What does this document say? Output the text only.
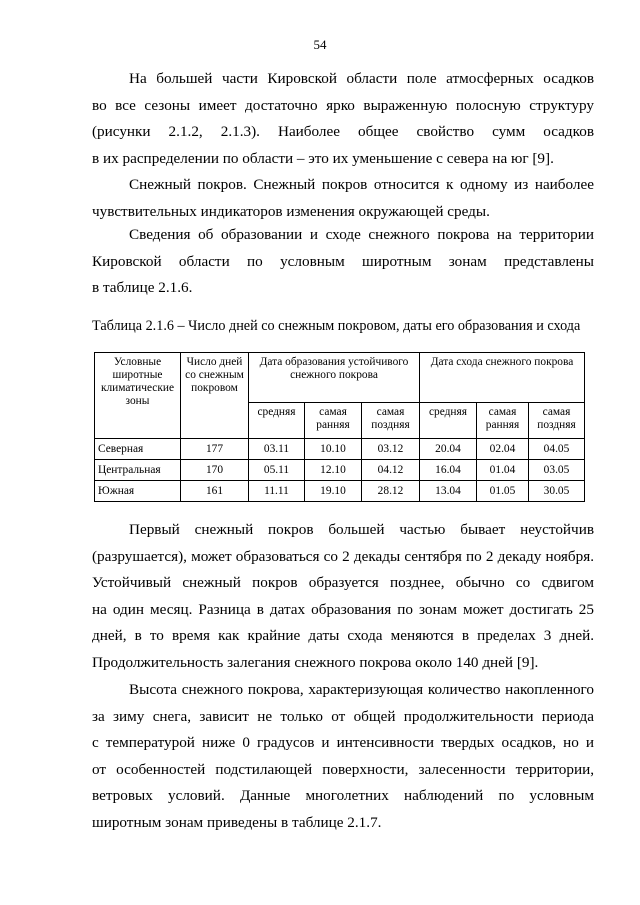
54
На большей части Кировской области поле атмосферных осадков
во все сезоны имеет достаточно ярко выраженную полосную структуру
(рисунки 2.1.2, 2.1.3). Наиболее общее свойство сумм осадков
в их распределении по области – это их уменьшение с севера на юг [9].
Снежный покров. Снежный покров относится к одному из наиболее
чувствительных индикаторов изменения окружающей среды.
Сведения об образовании и сходе снежного покрова на территории
Кировской области по условным широтным зонам представлены
в таблице 2.1.6.
Таблица 2.1.6 – Число дней со снежным покровом, даты его образования и схода
Условные широтные климатические зоны	Число дней со снежным покровом	Дата образования устойчивого снежного покрова			Дата схода снежного покрова		
		средняя	самая ранняя	самая поздняя	средняя	самая ранняя	самая поздняя
Северная	177	03.11	10.10	03.12	20.04	02.04	04.05
Центральная	170	05.11	12.10	04.12	16.04	01.04	03.05
Южная	161	11.11	19.10	28.12	13.04	01.05	30.05
Первый снежный покров большей частью бывает неустойчив
(разрушается), может образоваться со 2 декады сентября по 2 декаду ноября.
Устойчивый снежный покров образуется позднее, обычно со сдвигом
на один месяц. Разница в датах образования по зонам может достигать 25
дней, в то время как крайние даты схода меняются в пределах 3 дней.
Продолжительность залегания снежного покрова около 140 дней [9].
Высота снежного покрова, характеризующая количество накопленного
за зиму снега, зависит не только от общей продолжительности периода
с температурой ниже 0 градусов и интенсивности твердых осадков, но и
от особенностей подстилающей поверхности, залесенности территории,
ветровых условий. Данные многолетних наблюдений по условным
широтным зонам приведены в таблице 2.1.7.
